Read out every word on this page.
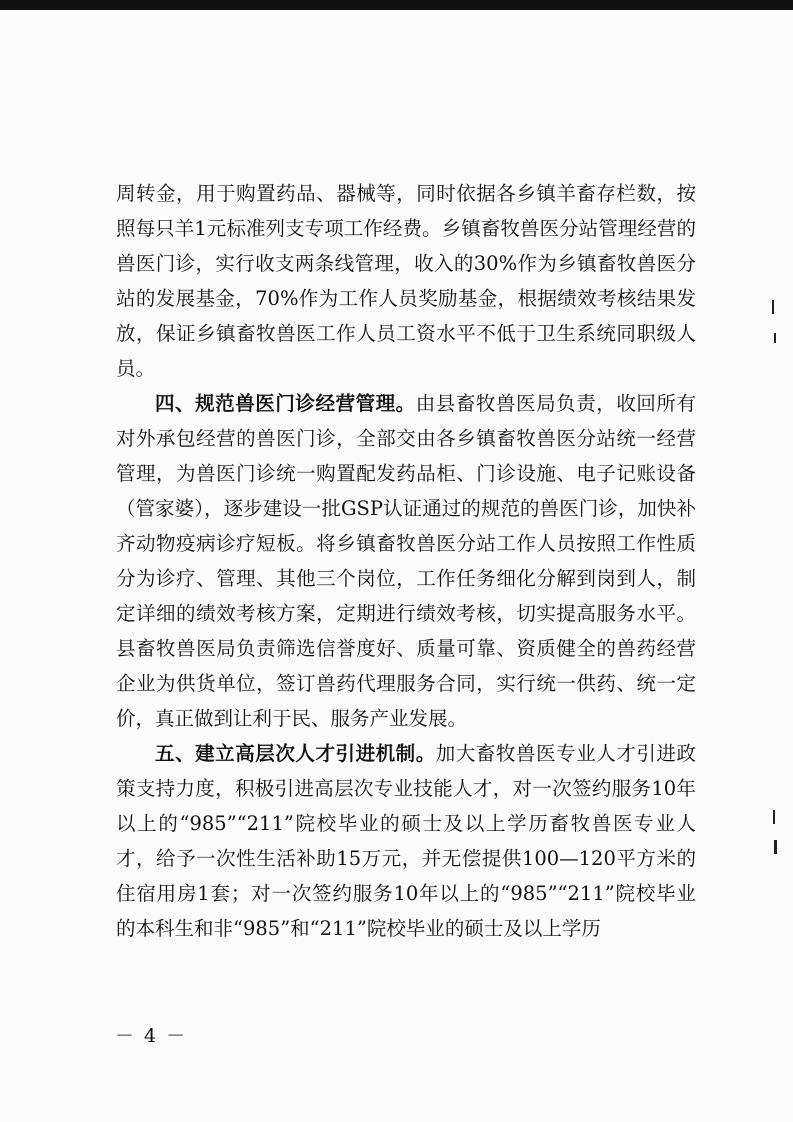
周转金，用于购置药品、器械等，同时依据各乡镇羊畜存栏数，按照每只羊1元标准列支专项工作经费。乡镇畜牧兽医分站管理经营的兽医门诊，实行收支两条线管理，收入的30%作为乡镇畜牧兽医分站的发展基金，70%作为工作人员奖励基金，根据绩效考核结果发放，保证乡镇畜牧兽医工作人员工资水平不低于卫生系统同职级人员。

四、规范兽医门诊经营管理。由县畜牧兽医局负责，收回所有对外承包经营的兽医门诊，全部交由各乡镇畜牧兽医分站统一经营管理，为兽医门诊统一购置配发药品柜、门诊设施、电子记账设备（管家婆），逐步建设一批GSP认证通过的规范的兽医门诊，加快补齐动物疫病诊疗短板。将乡镇畜牧兽医分站工作人员按照工作性质分为诊疗、管理、其他三个岗位，工作任务细化分解到岗到人，制定详细的绩效考核方案，定期进行绩效考核，切实提高服务水平。县畜牧兽医局负责筛选信誉度好、质量可靠、资质健全的兽药经营企业为供货单位，签订兽药代理服务合同，实行统一供药、统一定价，真正做到让利于民、服务产业发展。

五、建立高层次人才引进机制。加大畜牧兽医专业人才引进政策支持力度，积极引进高层次专业技能人才，对一次签约服务10年以上的“985”“211”院校毕业的硕士及以上学历畜牧兽医专业人才，给予一次性生活补助15万元，并无偿提供100—120平方米的住宿用房1套；对一次签约服务10年以上的“985”“211”院校毕业的本科生和非“985”和“211”院校毕业的硕士及以上学历

－ 4 －
